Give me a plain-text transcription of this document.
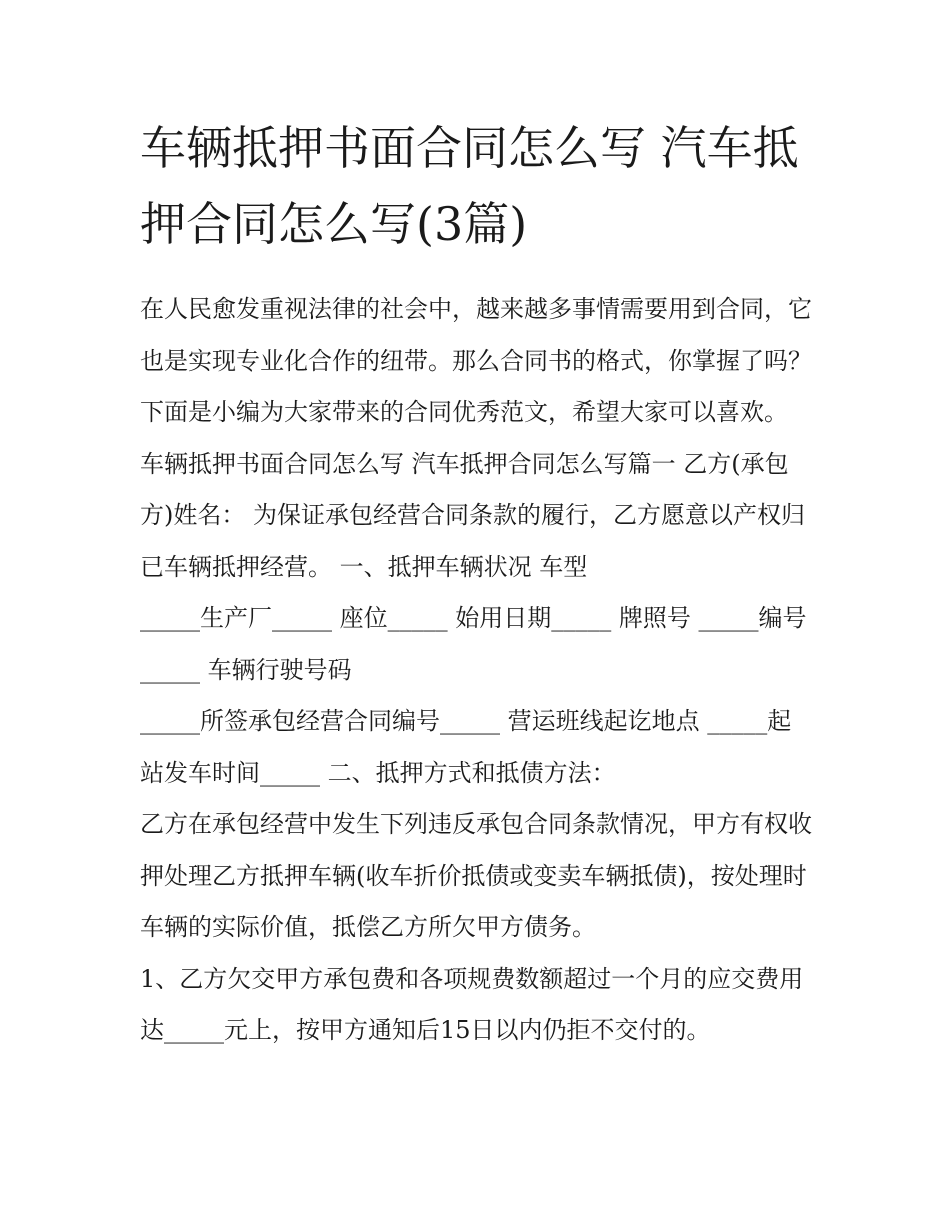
车辆抵押书面合同怎么写 汽车抵押合同怎么写(3篇)

在人民愈发重视法律的社会中，越来越多事情需要用到合同，它也是实现专业化合作的纽带。那么合同书的格式，你掌握了吗？下面是小编为大家带来的合同优秀范文，希望大家可以喜欢。

车辆抵押书面合同怎么写 汽车抵押合同怎么写篇一 乙方(承包方)姓名： 为保证承包经营合同条款的履行，乙方愿意以产权归已车辆抵押经营。 一、抵押车辆状况 车型

_____生产厂_____ 座位_____ 始用日期_____ 牌照号 _____编号 _____ 车辆行驶号码

_____所签承包经营合同编号_____ 营运班线起讫地点 _____起站发车时间_____ 二、抵押方式和抵债方法：

乙方在承包经营中发生下列违反承包合同条款情况，甲方有权收押处理乙方抵押车辆(收车折价抵债或变卖车辆抵债)，按处理时车辆的实际价值，抵偿乙方所欠甲方债务。

1、乙方欠交甲方承包费和各项规费数额超过一个月的应交费用达_____元上，按甲方通知后15日以内仍拒不交付的。
